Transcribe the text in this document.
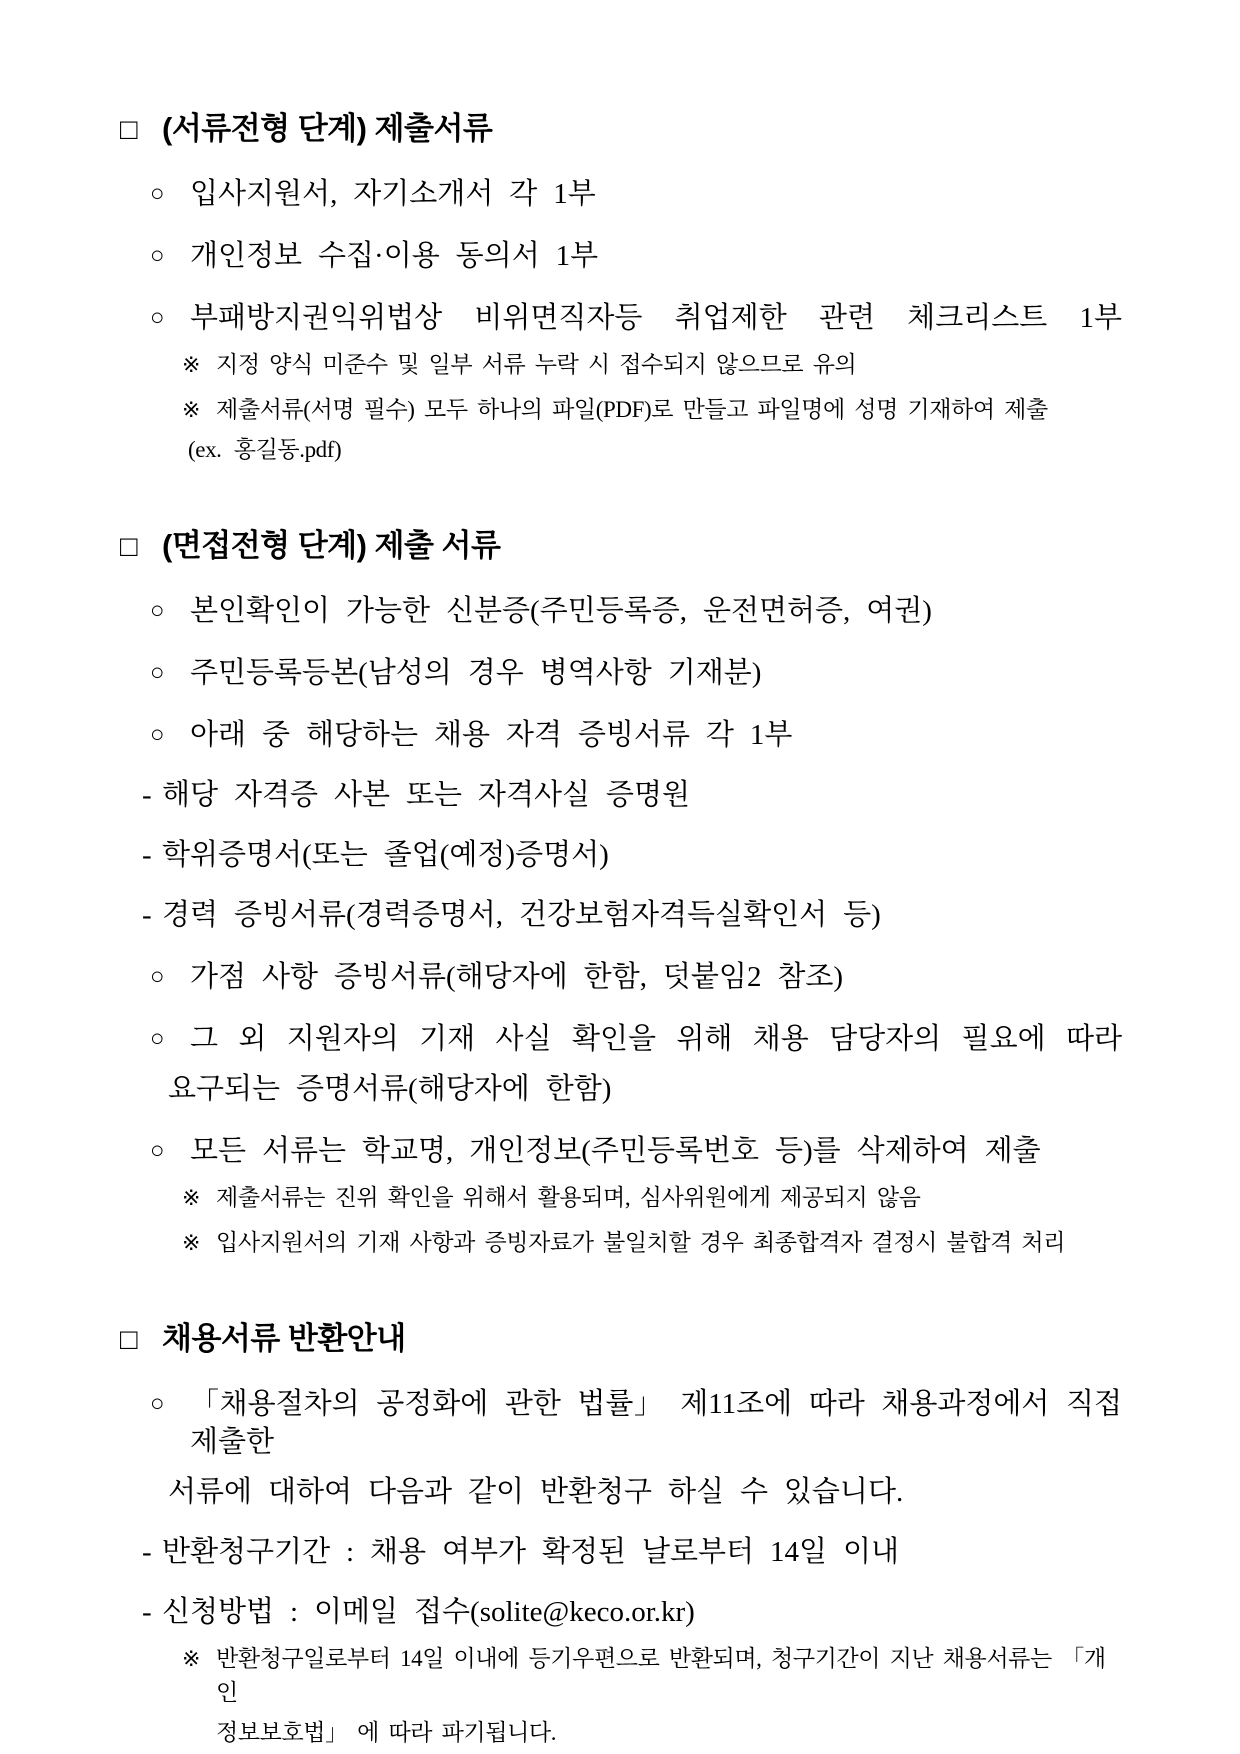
□ (서류전형 단계) 제출서류
○ 입사지원서, 자기소개서 각 1부
○ 개인정보 수집·이용 동의서 1부
○ 부패방지권익위법상 비위면직자등 취업제한 관련 체크리스트 1부
※ 지정 양식 미준수 및 일부 서류 누락 시 접수되지 않으므로 유의
※ 제출서류(서명 필수) 모두 하나의 파일(PDF)로 만들고 파일명에 성명 기재하여 제출
(ex. 홍길동.pdf)
□ (면접전형 단계) 제출 서류
○ 본인확인이 가능한 신분증(주민등록증, 운전면허증, 여권)
○ 주민등록등본(남성의 경우 병역사항 기재분)
○ 아래 중 해당하는 채용 자격 증빙서류 각 1부
- 해당 자격증 사본 또는 자격사실 증명원
- 학위증명서(또는 졸업(예정)증명서)
- 경력 증빙서류(경력증명서, 건강보험자격득실확인서 등)
○ 가점 사항 증빙서류(해당자에 한함, 덧붙임2 참조)
○ 그 외 지원자의 기재 사실 확인을 위해 채용 담당자의 필요에 따라
요구되는 증명서류(해당자에 한함)
○ 모든 서류는 학교명, 개인정보(주민등록번호 등)를 삭제하여 제출
※ 제출서류는 진위 확인을 위해서 활용되며, 심사위원에게 제공되지 않음
※ 입사지원서의 기재 사항과 증빙자료가 불일치할 경우 최종합격자 결정시 불합격 처리
□ 채용서류 반환안내
○ 「채용절차의 공정화에 관한 법률」 제11조에 따라 채용과정에서 직접 제출한
서류에 대하여 다음과 같이 반환청구 하실 수 있습니다.
- 반환청구기간 : 채용 여부가 확정된 날로부터 14일 이내
- 신청방법 : 이메일 접수(solite@keco.or.kr)
※ 반환청구일로부터 14일 이내에 등기우편으로 반환되며, 청구기간이 지난 채용서류는 「개인
정보보호법」 에 따라 파기됩니다.
